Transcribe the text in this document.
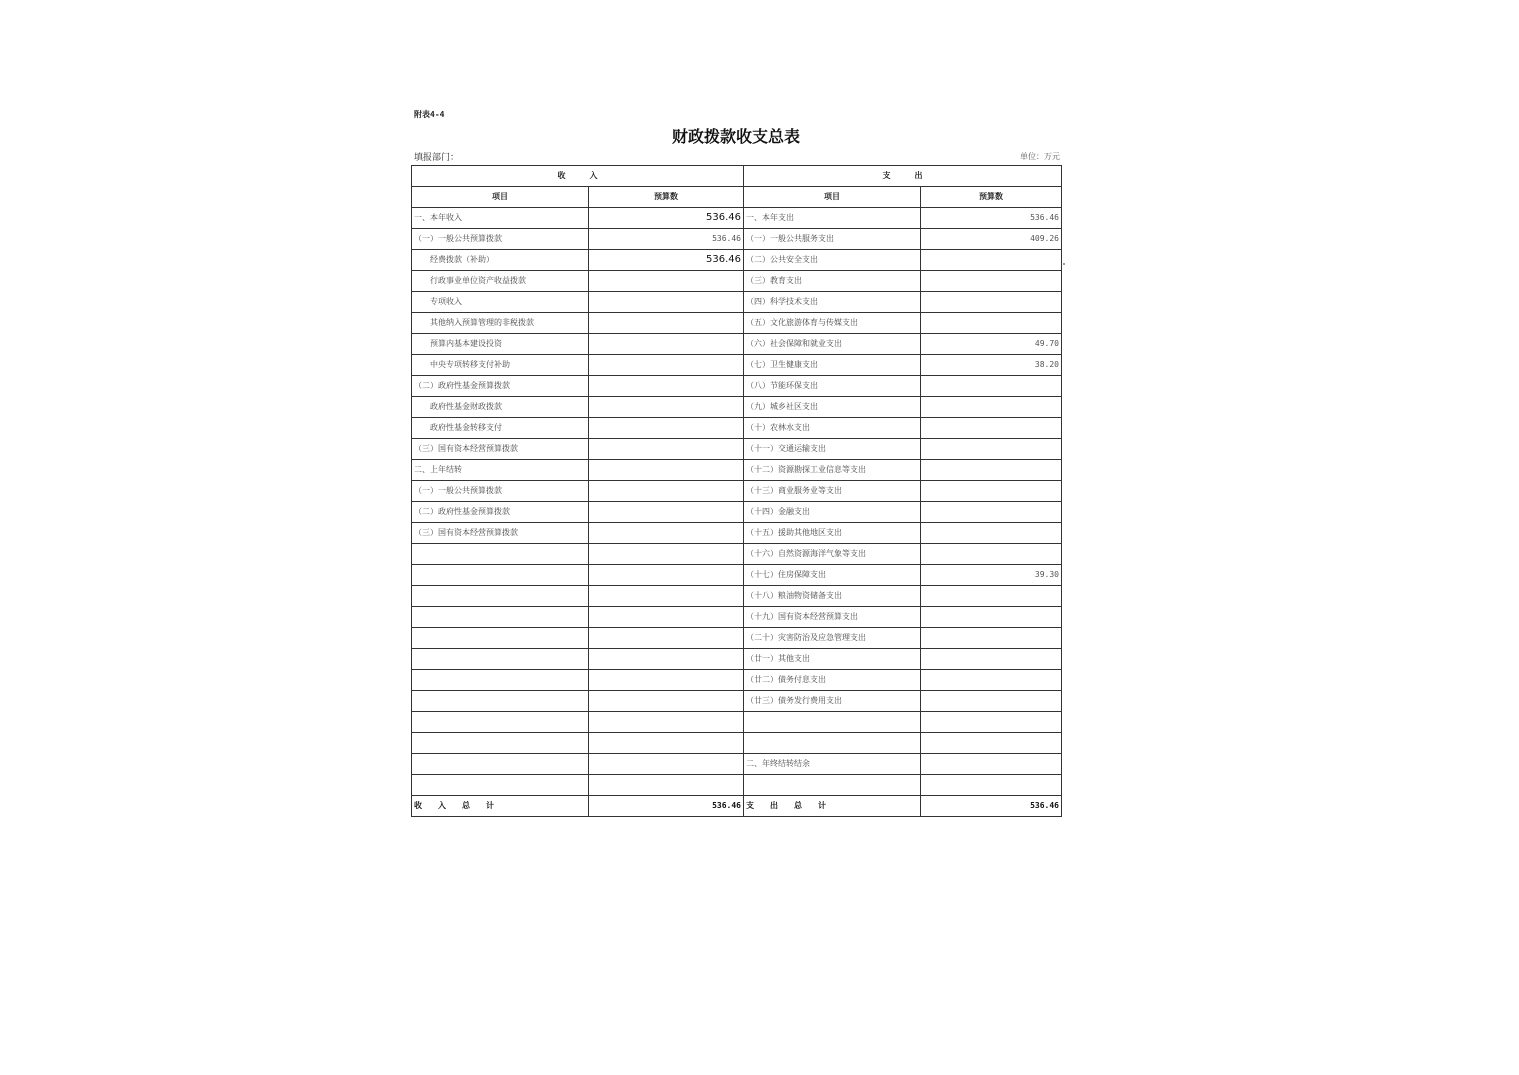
附表4-4
财政拨款收支总表
填报部门：	单位：万元
收　　　入		支　　　出	
项目	预算数	项目	预算数
一、本年收入	536.46	一、本年支出	536.46
（一）一般公共预算拨款	536.46	（一）一般公共服务支出	409.26
经费拨款（补助）	536.46	（二）公共安全支出	
行政事业单位资产收益拨款		（三）教育支出	
专项收入		（四）科学技术支出	
其他纳入预算管理的非税拨款		（五）文化旅游体育与传媒支出	
预算内基本建设投资		（六）社会保障和就业支出	49.70
中央专项转移支付补助		（七）卫生健康支出	38.20
（二）政府性基金预算拨款		（八）节能环保支出	
政府性基金财政拨款		（九）城乡社区支出	
政府性基金转移支付		（十）农林水支出	
（三）国有资本经营预算拨款		（十一）交通运输支出	
二、上年结转		（十二）资源勘探工业信息等支出	
（一）一般公共预算拨款		（十三）商业服务业等支出	
（二）政府性基金预算拨款		（十四）金融支出	
（三）国有资本经营预算拨款		（十五）援助其他地区支出	
		（十六）自然资源海洋气象等支出	
		（十七）住房保障支出	39.30
		（十八）粮油物资储备支出	
		（十九）国有资本经营预算支出	
		（二十）灾害防治及应急管理支出	
		（廿一）其他支出	
		（廿二）债务付息支出	
		（廿三）债务发行费用支出	

		二、年终结转结余	

收　　入　　总　　计	536.46	支　　出　　总　　计	536.46
